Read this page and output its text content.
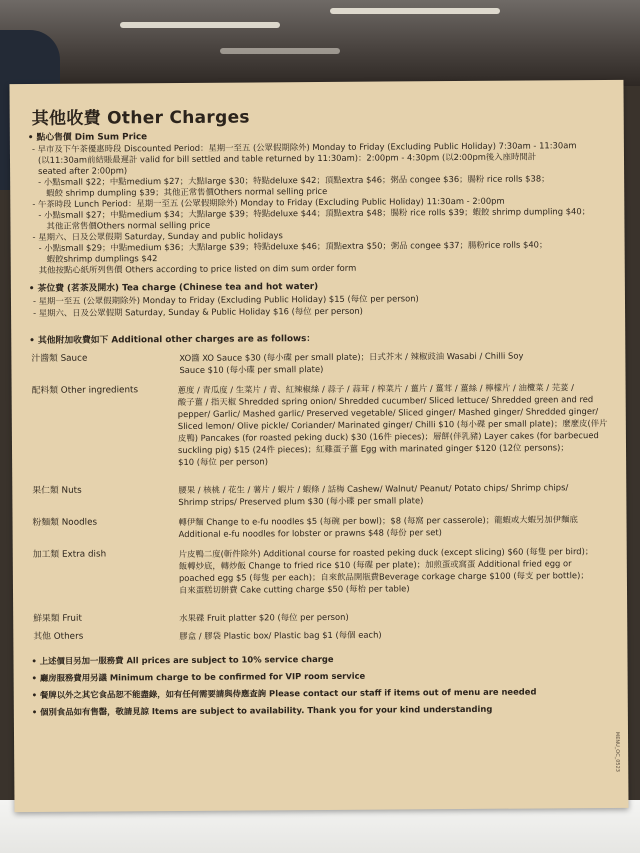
其他收費 Other Charges
• 點心售價 Dim Sum Price
- 早市及下午茶優惠時段 Discounted Period：星期一至五 (公眾假期除外) Monday to Friday (Excluding Public Holiday) 7:30am - 11:30am
(以11:30am前結賬最遲計 valid for bill settled and table returned by 11:30am)：2:00pm - 4:30pm (以2:00pm後入座時間計
seated after 2:00pm)
- 小點small $22；中點medium $27；大點large $30；特點deluxe $42；頂點extra $46；粥品 congee $36；腸粉 rice rolls $38；
蝦餃 shrimp dumpling $39；其他正常售價Others normal selling price
- 午茶時段 Lunch Period：星期一至五 (公眾假期除外) Monday to Friday (Excluding Public Holiday) 11:30am - 2:00pm
- 小點small $27；中點medium $34；大點large $39；特點deluxe $44；頂點extra $48；腸粉 rice rolls $39；蝦餃 shrimp dumpling $40；
其他正常售價Others normal selling price
- 星期六、日及公眾假期 Saturday, Sunday and public holidays
- 小點small $29；中點medium $36；大點large $39；特點deluxe $46；頂點extra $50；粥品 congee $37；腸粉rice rolls $40；
蝦餃shrimp dumplings $42
其他按點心紙所列售價 Others according to price listed on dim sum order form
• 茶位費 (茗茶及開水) Tea charge (Chinese tea and hot water)
- 星期一至五 (公眾假期除外) Monday to Friday (Excluding Public Holiday) $15 (每位 per person)
- 星期六、日及公眾假期 Saturday, Sunday & Public Holiday $16 (每位 per person)
• 其他附加收費如下 Additional other charges are as follows：
汁醬類 Sauce	XO醬 XO Sauce $30 (每小碟 per small plate)；日式芥末 / 辣椒豉油 Wasabi / Chilli Soy
Sauce $10 (每小碟 per small plate)
配料類 Other ingredients	蔥度 / 青瓜度 / 生菜片 / 青、紅辣椒絲 / 蒜子 / 蒜茸 / 榨菜片 / 薑片 / 薑茸 / 薑絲 / 檸檬片 / 油欖菜 / 芫荽 /
酸子薑 / 指天椒 Shredded spring onion/ Shredded cucumber/ Sliced lettuce/ Shredded green and red
pepper/ Garlic/ Mashed garlic/ Preserved vegetable/ Sliced ginger/ Mashed ginger/ Shredded ginger/
Sliced lemon/ Olive pickle/ Coriander/ Marinated ginger/ Chilli $10 (每小碟 per small plate)；麼麼皮(伴片
皮鴨) Pancakes (for roasted peking duck) $30 (16件 pieces)；層餅(伴乳豬) Layer cakes (for barbecued
suckling pig) $15 (24件 pieces)；紅雞蛋子薑 Egg with marinated ginger $120 (12位 persons)；
$10 (每位 per person)
果仁類 Nuts	腰果 / 核桃 / 花生 / 薯片 / 蝦片 / 蝦條 / 話梅 Cashew/ Walnut/ Peanut/ Potato chips/ Shrimp chips/
Shrimp strips/ Preserved plum $30 (每小碟 per small plate)
粉麵類 Noodles	轉伊麵 Change to e-fu noodles $5 (每碗 per bowl)；$8 (每窩 per casserole)；龍蝦或大蝦另加伊麵底
Additional e-fu noodles for lobster or prawns $48 (每份 per set)
加工類 Extra dish	片皮鴨二度(斬件除外) Additional course for roasted peking duck (except slicing) $60 (每隻 per bird)；
飯轉炒底，轉炒飯 Change to fried rice $10 (每碟 per plate)；加煎蛋或窩蛋 Additional fried egg or
poached egg $5 (每隻 per each)；自來飲品開瓶費Beverage corkage charge $100 (每支 per bottle)；
自來蛋糕切餅費 Cake cutting charge $50 (每枱 per table)
鮮果類 Fruit	水果碟 Fruit platter $20 (每位 per person)
其他 Others	膠盒 / 膠袋 Plastic box/ Plastic bag $1 (每個 each)
• 上述價目另加一服務費 All prices are subject to 10% service charge
• 廳房服務費用另議 Minimum charge to be confirmed for VIP room service
• 餐牌以外之其它食品恕不能盡錄，如有任何需要請與侍應查詢 Please contact our staff if items out of menu are needed
• 個別食品如有售罄，敬請見諒 Items are subject to availability. Thank you for your kind understanding
MENU_OC_0523
